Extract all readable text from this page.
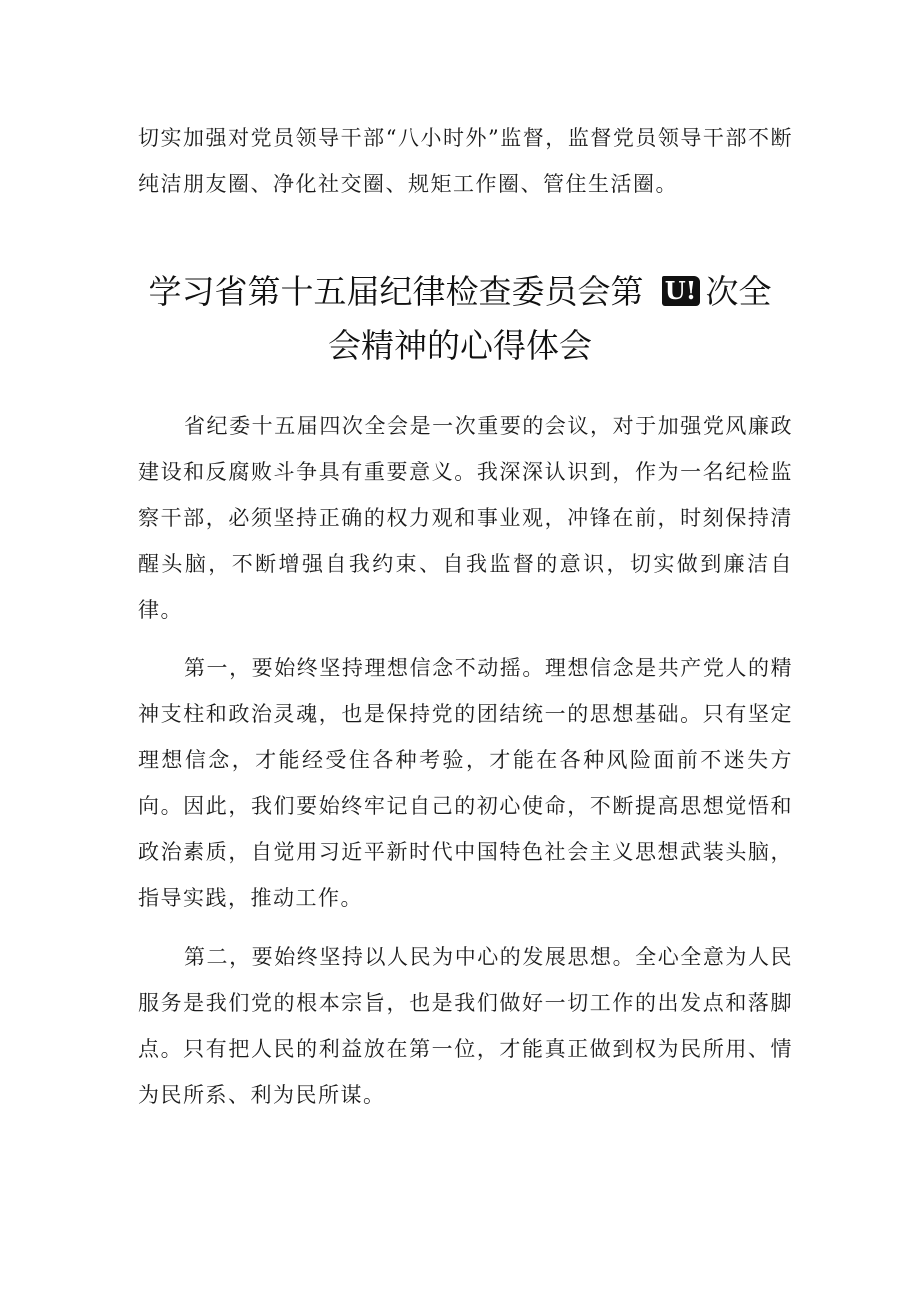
切实加强对党员领导干部“八小时外”监督，监督党员领导干部不断纯洁朋友圈、净化社交圈、规矩工作圈、管住生活圈。

学习省第十五届纪律检查委员会第 U! 次全
会精神的心得体会

省纪委十五届四次全会是一次重要的会议，对于加强党风廉政建设和反腐败斗争具有重要意义。我深深认识到，作为一名纪检监察干部，必须坚持正确的权力观和事业观，冲锋在前，时刻保持清醒头脑，不断增强自我约束、自我监督的意识，切实做到廉洁自律。

第一，要始终坚持理想信念不动摇。理想信念是共产党人的精神支柱和政治灵魂，也是保持党的团结统一的思想基础。只有坚定理想信念，才能经受住各种考验，才能在各种风险面前不迷失方向。因此，我们要始终牢记自己的初心使命，不断提高思想觉悟和政治素质，自觉用习近平新时代中国特色社会主义思想武装头脑，指导实践，推动工作。

第二，要始终坚持以人民为中心的发展思想。全心全意为人民服务是我们党的根本宗旨，也是我们做好一切工作的出发点和落脚点。只有把人民的利益放在第一位，才能真正做到权为民所用、情为民所系、利为民所谋。
